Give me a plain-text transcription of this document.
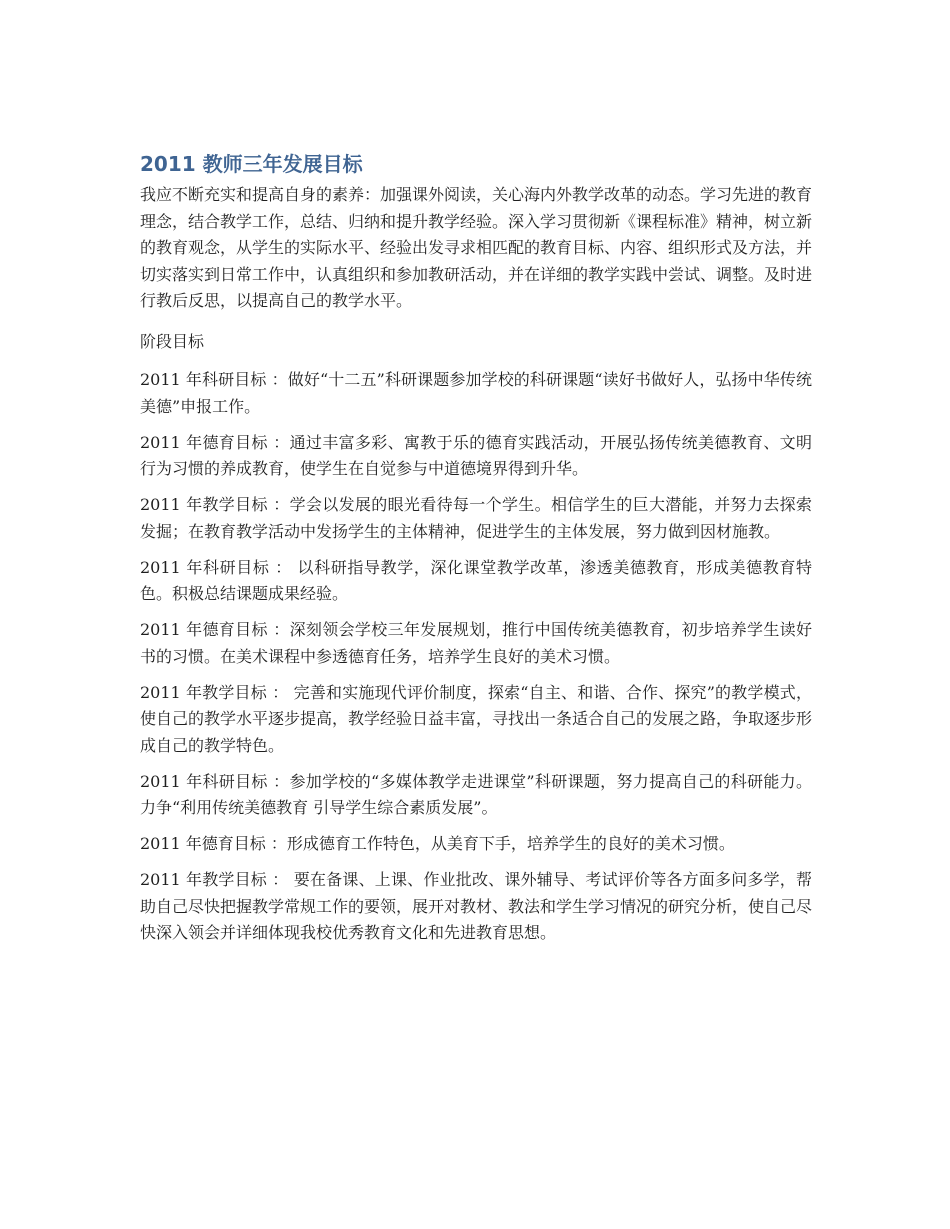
2011 教师三年发展目标

我应不断充实和提高自身的素养：加强课外阅读，关心海内外教学改革的动态。学习先进的教育理念，结合教学工作，总结、归纳和提升教学经验。深入学习贯彻新《课程标准》精神，树立新的教育观念，从学生的实际水平、经验出发寻求相匹配的教育目标、内容、组织形式及方法，并切实落实到日常工作中，认真组织和参加教研活动，并在详细的教学实践中尝试、调整。及时进行教后反思，以提高自己的教学水平。

阶段目标

2011 年科研目标 ：做好“十二五”科研课题参加学校的科研课题“读好书做好人，弘扬中华传统美德”申报工作。

2011 年德育目标 ：通过丰富多彩、寓教于乐的德育实践活动，开展弘扬传统美德教育、文明行为习惯的养成教育，使学生在自觉参与中道德境界得到升华。

2011 年教学目标 ：学会以发展的眼光看待每一个学生。相信学生的巨大潜能，并努力去探索发掘；在教育教学活动中发扬学生的主体精神，促进学生的主体发展，努力做到因材施教。

2011 年科研目标 ： 以科研指导教学，深化课堂教学改革，渗透美德教育，形成美德教育特色。积极总结课题成果经验。

2011 年德育目标 ：深刻领会学校三年发展规划，推行中国传统美德教育，初步培养学生读好书的习惯。在美术课程中参透德育任务，培养学生良好的美术习惯。

2011 年教学目标 ： 完善和实施现代评价制度，探索“自主、和谐、合作、探究”的教学模式，使自己的教学水平逐步提高，教学经验日益丰富，寻找出一条适合自己的发展之路，争取逐步形成自己的教学特色。

2011 年科研目标 ：参加学校的“多媒体教学走进课堂”科研课题，努力提高自己的科研能力。力争“利用传统美德教育 引导学生综合素质发展”。

2011 年德育目标 ：形成德育工作特色，从美育下手，培养学生的良好的美术习惯。

2011 年教学目标 ： 要在备课、上课、作业批改、课外辅导、考试评价等各方面多问多学，帮助自己尽快把握教学常规工作的要领，展开对教材、教法和学生学习情况的研究分析，使自己尽快深入领会并详细体现我校优秀教育文化和先进教育思想。
